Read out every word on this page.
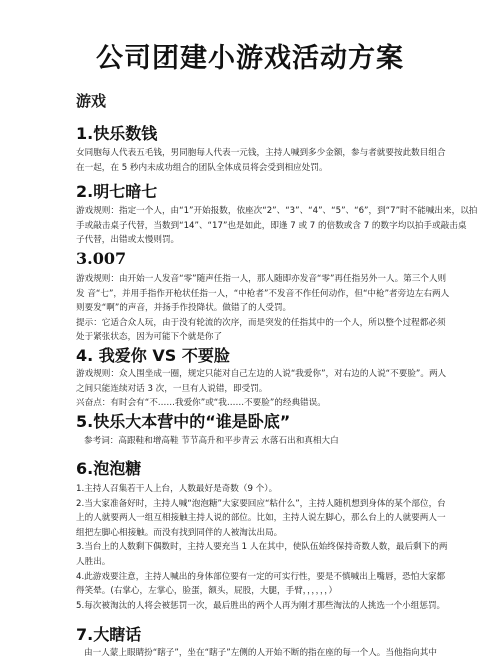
公司团建小游戏活动方案
游戏
1.快乐数钱
女同胞每人代表五毛钱，男同胞每人代表一元钱，主持人喊到多少金额，参与者就要按此数目组合
在一起，在 5 秒内未成功组合的团队全体成员将会受到相应处罚。
2.明七暗七
游戏规则：指定一个人，由“1”开始报数，依座次“2”、“3”、“4”、“5”、“6”，到“7”时不能喊出来，以拍
手或敲击桌子代替，当数到“14”、“17”也是如此，即逢 7 或 7 的倍数或含 7 的数字均以拍手或敲击桌
子代替，出错或太慢则罚。
3.007
游戏规则：由开始一人发音“零”随声任指一人，那人随即亦发音“零”再任指另外一人。第三个人则
发 音“七”，并用手指作开枪状任指一人，“中枪者”不发音不作任何动作，但“中枪”者旁边左右两人
则要发“啊”的声音，并扬手作投降状。做错了的人受罚。
提示：它适合众人玩，由于没有轮流的次序，而是突发的任指其中的一个人，所以整个过程都必须
处于紧张状态，因为可能下个就是你了
4. 我爱你 VS 不要脸
游戏规则：众人围坐成一圈，规定只能对自己左边的人说“我爱你”，对右边的人说“不要脸”。两人
之间只能连续对话 3 次，一旦有人说错，即受罚。
兴奋点：有时会有“不……我爱你”或“我……不要脸”的经典错误。
5.快乐大本营中的“谁是卧底”
参考词：高跟鞋和增高鞋 节节高升和平步青云 水落石出和真相大白
6.泡泡糖
1.主持人召集若干人上台，人数最好是奇数（9 个）。
2.当大家准备好时，主持人喊“泡泡糖”大家要回应“粘什么”，主持人随机想到身体的某个部位，台
上的人就要两人一组互相接触主持人说的部位。比如，主持人说左脚心，那么台上的人就要两人一
组把左脚心相接触。而没有找到同伴的人被淘汰出局。
3.当台上的人数剩下偶数时，主持人要充当 1 人在其中，使队伍始终保持奇数人数，最后剩下的两
人胜出。
4.此游戏要注意，主持人喊出的身体部位要有一定的可实行性，要是不慎喊出上嘴唇，恐怕大家都
得笑晕。(右掌心，左掌心，脸蛋，额头，屁股，大腿，手臂，，，，，，）
5.每次被淘汰的人将会被惩罚一次，最后胜出的两个人再为刚才那些淘汰的人挑选一个小组惩罚。
7.大瞎话
由一人蒙上眼睛扮“瞎子”，坐在“瞎子”左侧的人开始不断的指在座的每一个人。当他指向其中
